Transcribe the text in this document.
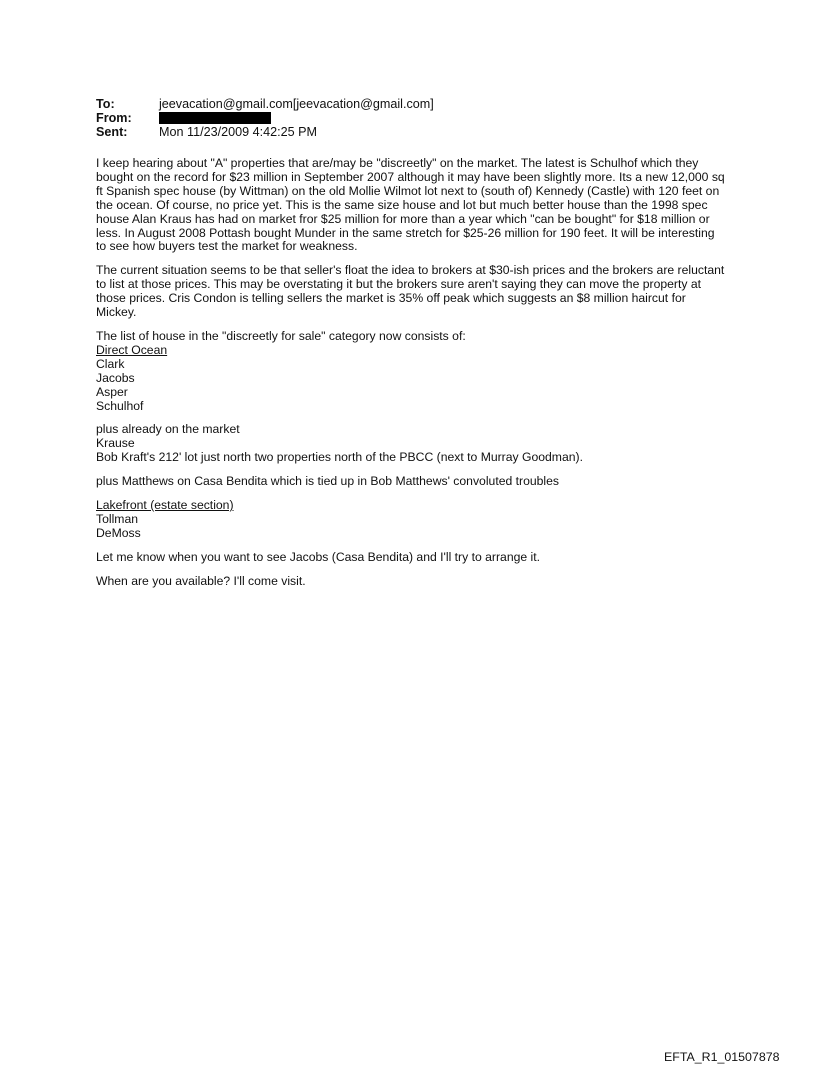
To:	jeevacation@gmail.com[jeevacation@gmail.com]
From:
Sent:	Mon 11/23/2009 4:42:25 PM

I keep hearing about "A" properties that are/may be "discreetly" on the market. The latest is Schulhof which they bought on the record for $23 million in September 2007 although it may have been slightly more. Its a new 12,000 sq ft Spanish spec house (by Wittman) on the old Mollie Wilmot lot next to (south of) Kennedy (Castle) with 120 feet on the ocean. Of course, no price yet. This is the same size house and lot but much better house than the 1998 spec house Alan Kraus has had on market fror $25 million for more than a year which "can be bought" for $18 million or less. In August 2008 Pottash bought Munder in the same stretch for $25-26 million for 190 feet. It will be interesting to see how buyers test the market for weakness.

The current situation seems to be that seller's float the idea to brokers at $30-ish prices and the brokers are reluctant to list at those prices. This may be overstating it but the brokers sure aren't saying they can move the property at those prices. Cris Condon is telling sellers the market is 35% off peak which suggests an $8 million haircut for Mickey.

The list of house in the "discreetly for sale" category now consists of:
Direct Ocean
Clark
Jacobs
Asper
Schulhof

plus already on the market
Krause
Bob Kraft's 212' lot just north two properties north of the PBCC (next to Murray Goodman).

plus Matthews on Casa Bendita which is tied up in Bob Matthews' convoluted troubles

Lakefront (estate section)
Tollman
DeMoss

Let me know when you want to see Jacobs (Casa Bendita) and I'll try to arrange it.

When are you available? I'll come visit.

EFTA_R1_01507878
